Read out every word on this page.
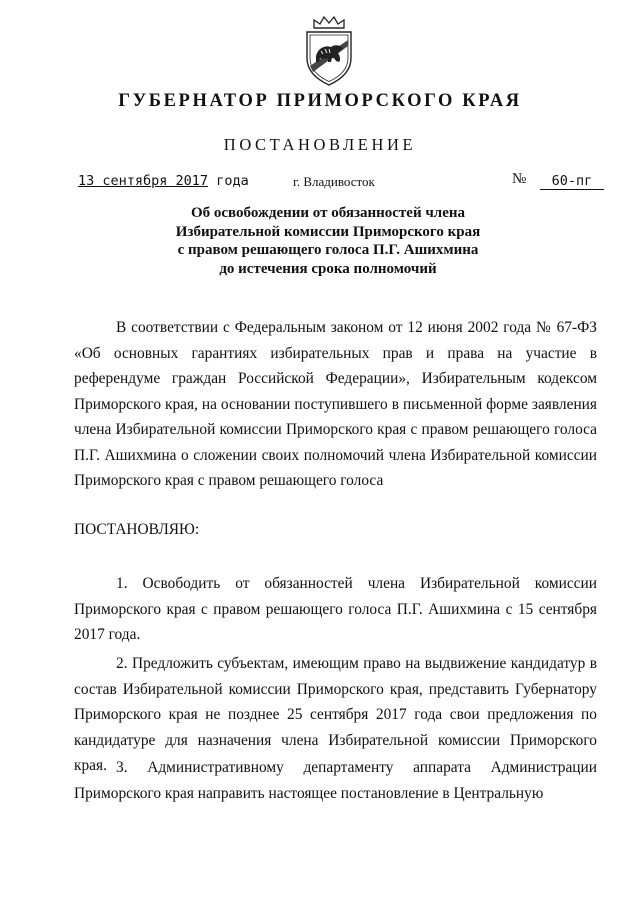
ГУБЕРНАТОР ПРИМОРСКОГО КРАЯ
ПОСТАНОВЛЕНИЕ
13 сентября 2017 года	г. Владивосток	№	60-пг
Об освобождении от обязанностей члена
Избирательной комиссии Приморского края
с правом решающего голоса П.Г. Ашихмина
до истечения срока полномочий
В соответствии с Федеральным законом от 12 июня 2002 года № 67-ФЗ «Об основных гарантиях избирательных прав и права на участие в референдуме граждан Российской Федерации», Избирательным кодексом Приморского края, на основании поступившего в письменной форме заявления члена Избирательной комиссии Приморского края с правом решающего голоса П.Г. Ашихмина о сложении своих полномочий члена Избирательной комиссии Приморского края с правом решающего голоса
ПОСТАНОВЛЯЮ:
1. Освободить от обязанностей члена Избирательной комиссии Приморского края с правом решающего голоса П.Г. Ашихмина с 15 сентября 2017 года.
2. Предложить субъектам, имеющим право на выдвижение кандидатур в состав Избирательной комиссии Приморского края, представить Губернатору Приморского края не позднее 25 сентября 2017 года свои предложения по кандидатуре для назначения члена Избирательной комиссии Приморского края. 3. Административному департаменту аппарата Администрации Приморского края направить настоящее постановление в Центральную
